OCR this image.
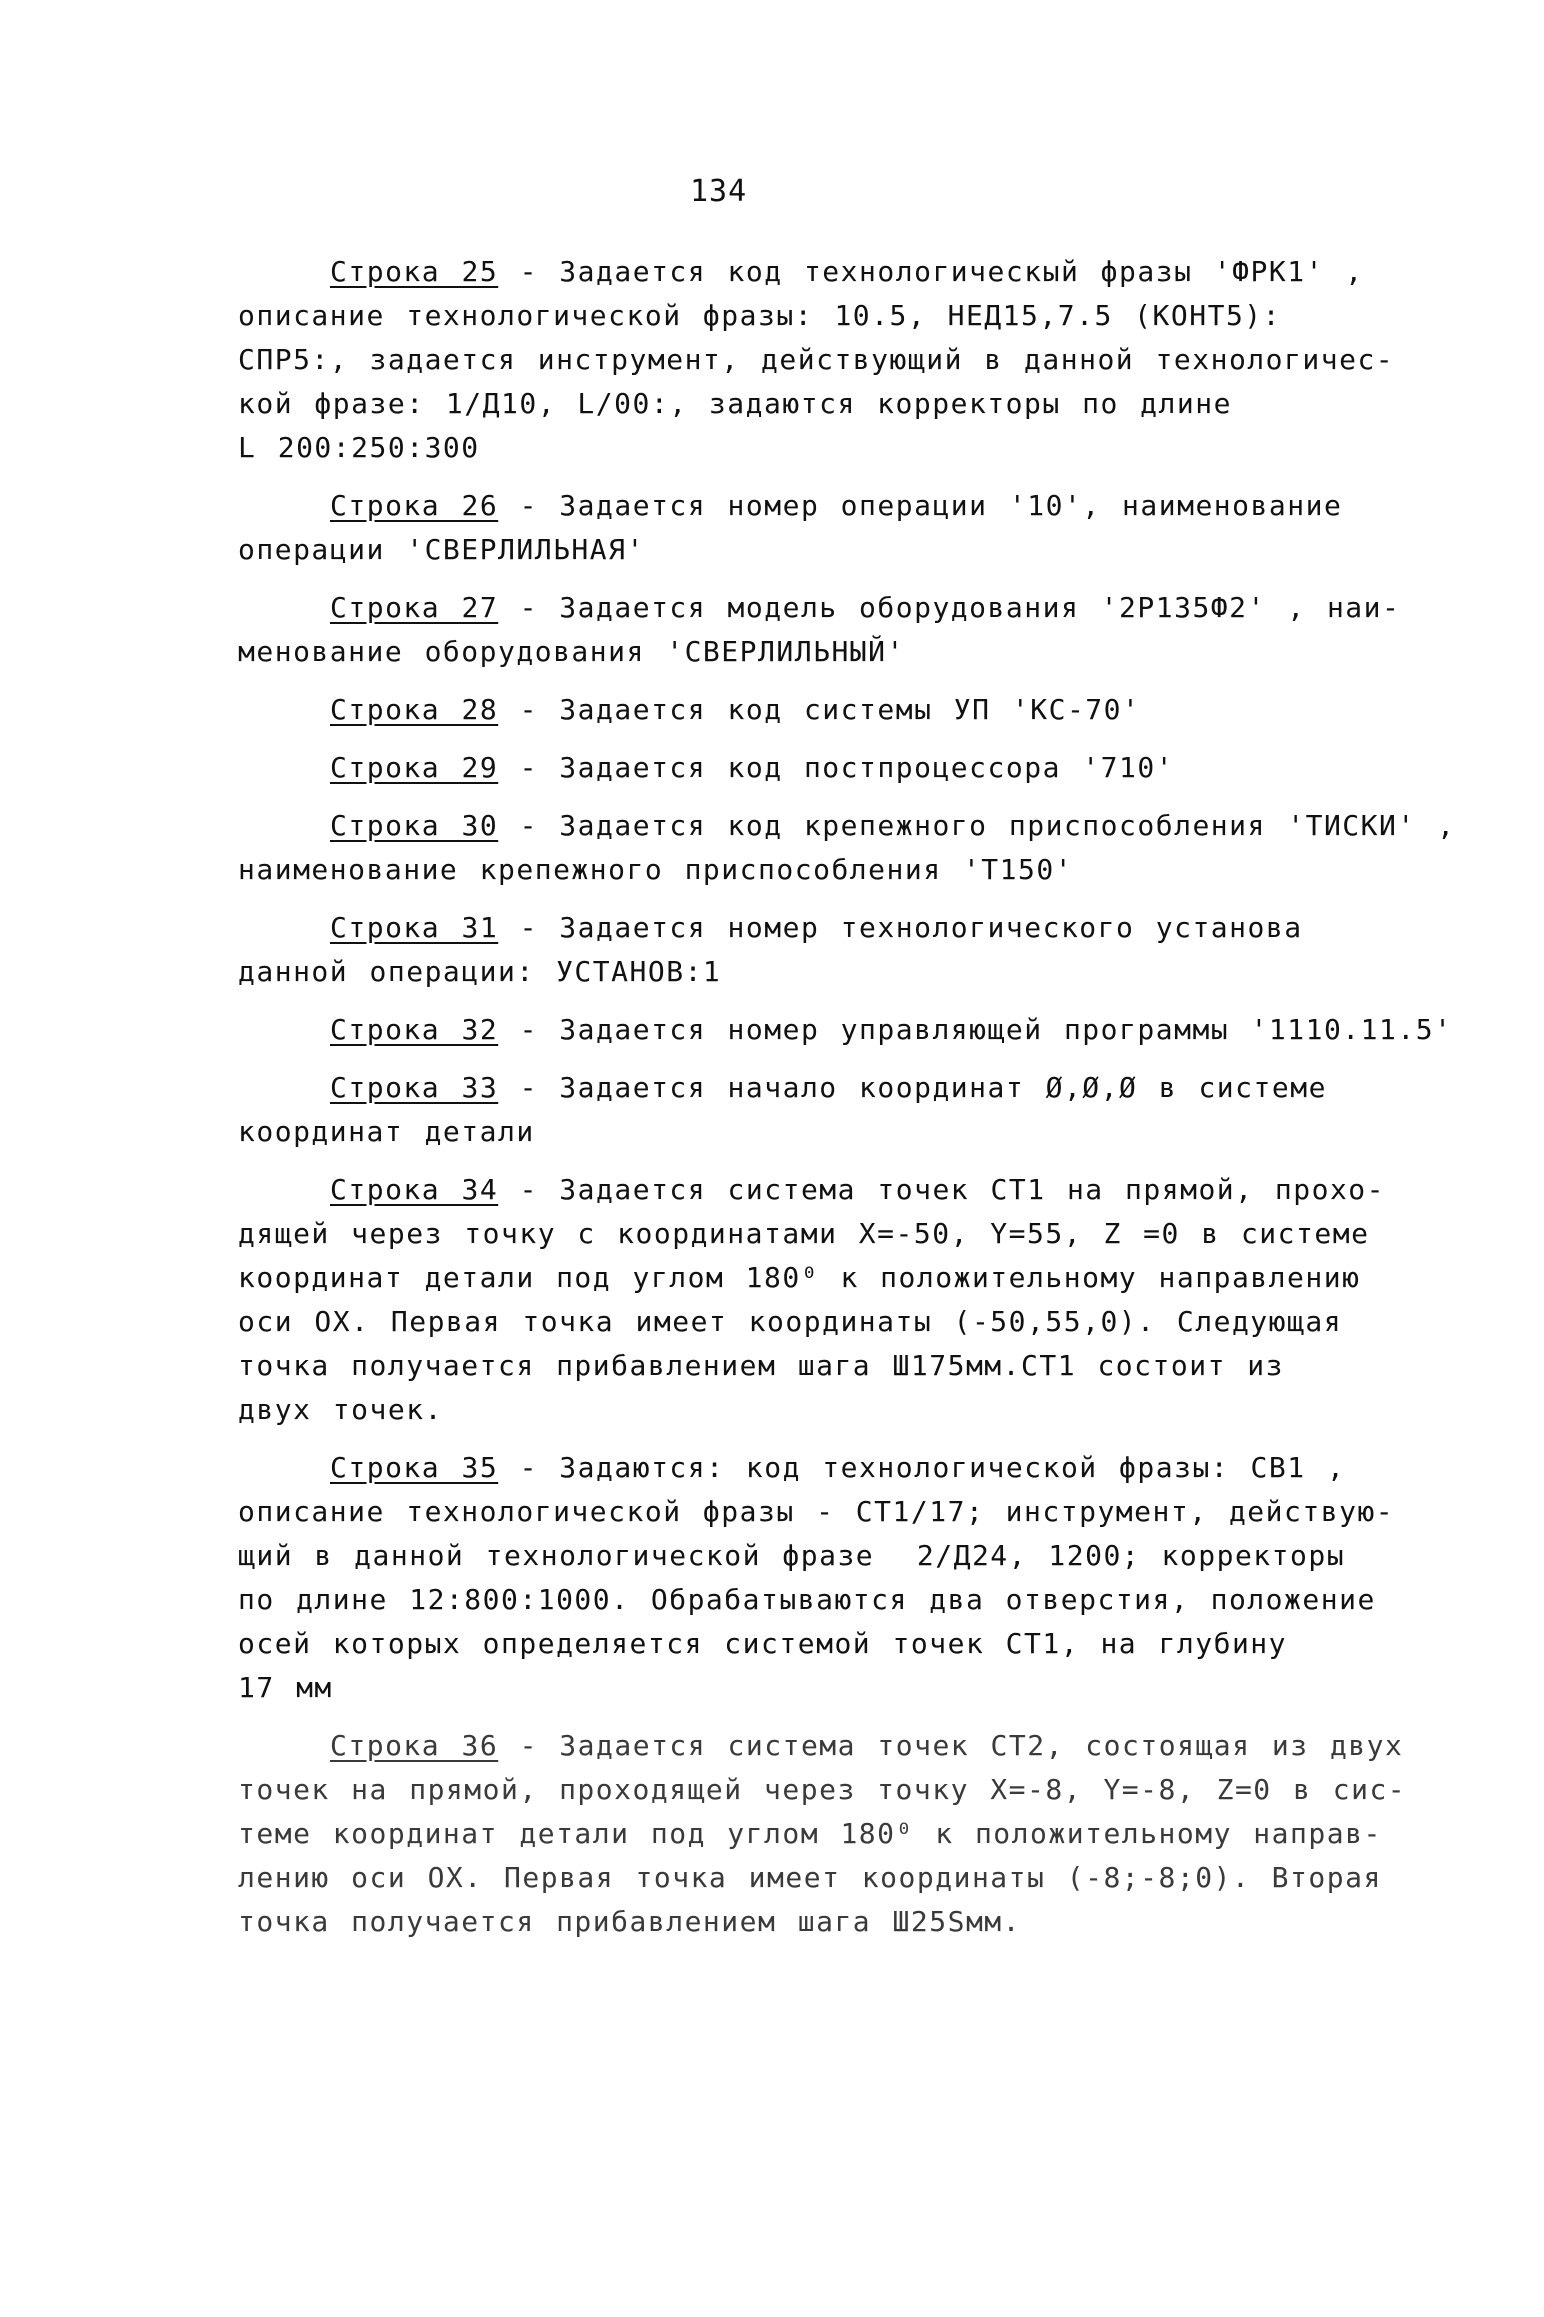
134
Строка 25 - Задается код технологическый фразы 'ФРК1' ,
описание технологической фразы: 10.5, НЕД15,7.5 (КОНТ5):
СПР5:, задается инструмент, действующий в данной технологичес-
кой фразе: 1/Д10, L/00:, задаются корректоры по длине
L 200:250:300
Строка 26 - Задается номер операции '10', наименование
операции 'СВЕРЛИЛЬНАЯ'
Строка 27 - Задается модель оборудования '2Р135Ф2' , наи-
менование оборудования 'СВЕРЛИЛЬНЫЙ'
Строка 28 - Задается код системы УП 'КС-70'
Строка 29 - Задается код постпроцессора '710'
Строка 30 - Задается код крепежного приспособления 'ТИСКИ' ,
наименование крепежного приспособления 'Т150'
Строка 31 - Задается номер технологического установа
данной операции: УСТАНОВ:1
Строка 32 - Задается номер управляющей программы '1110.11.5'
Строка 33 - Задается начало координат Ø,Ø,Ø в системе
координат детали
Строка 34 - Задается система точек СТ1 на прямой, прохо-
дящей через точку с координатами X=-50, Y=55, Z =0 в системе
координат детали под углом 180⁰ к положительному направлению
оси ОХ. Первая точка имеет координаты (-50,55,0). Следующая
точка получается прибавлением шага Ш175мм.СТ1 состоит из
двух точек.
Строка 35 - Задаются: код технологической фразы: СВ1 ,
описание технологической фразы - СТ1/17; инструмент, действую-
щий в данной технологической фразе  2/Д24, 1200; корректоры
по длине 12:800:1000. Обрабатываются два отверстия, положение
осей которых определяется системой точек СТ1, на глубину
17 мм
Строка 36 - Задается система точек СТ2, состоящая из двух
точек на прямой, проходящей через точку X=-8, Y=-8, Z=0 в сис-
теме координат детали под углом 180⁰ к положительному направ-
лению оси ОХ. Первая точка имеет координаты (-8;-8;0). Вторая
точка получается прибавлением шага Ш25Ѕмм.
